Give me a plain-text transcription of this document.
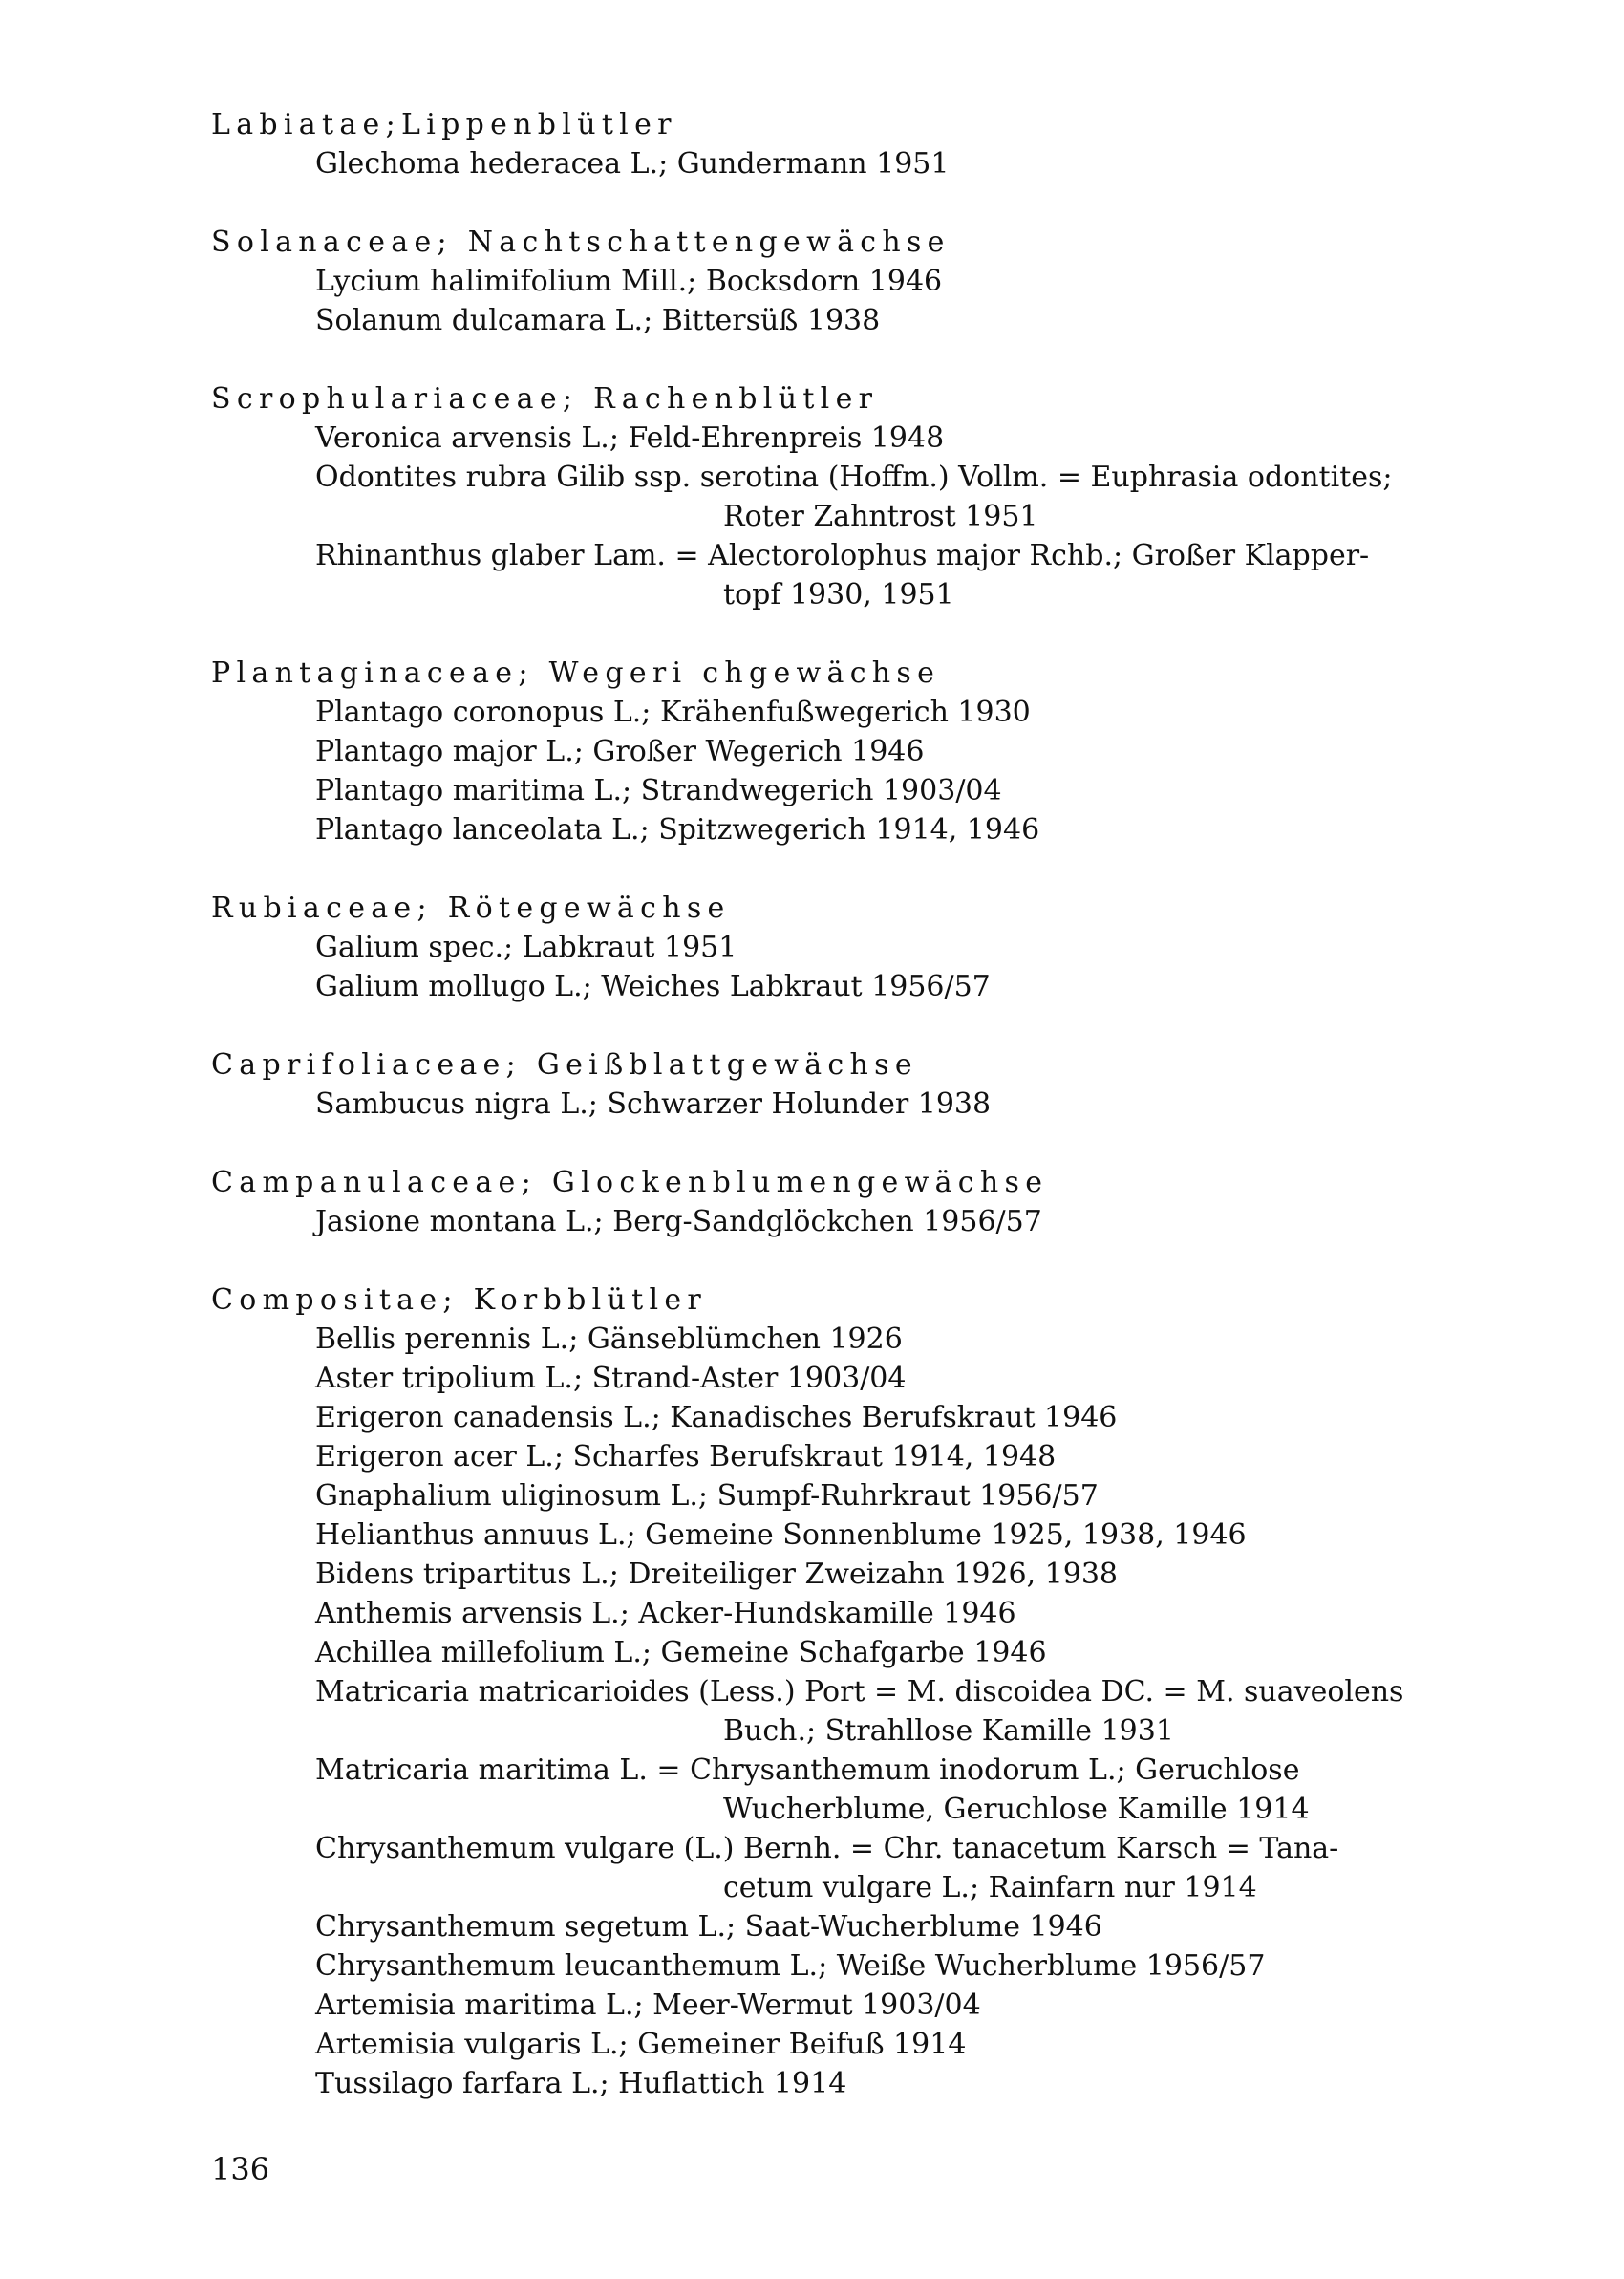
Labiatae;Lippenblütler
Glechoma hederacea L.; Gundermann 1951
Solanaceae; Nachtschattengewächse
Lycium halimifolium Mill.; Bocksdorn 1946
Solanum dulcamara L.; Bittersüß 1938
Scrophulariaceae; Rachenblütler
Veronica arvensis L.; Feld-Ehrenpreis 1948
Odontites rubra Gilib ssp. serotina (Hoffm.) Vollm. = Euphrasia odontites;
Roter Zahntrost 1951
Rhinanthus glaber Lam. = Alectorolophus major Rchb.; Großer Klapper-
topf 1930, 1951
Plantaginaceae; Wegeri chgewächse
Plantago coronopus L.; Krähenfußwegerich 1930
Plantago major L.; Großer Wegerich 1946
Plantago maritima L.; Strandwegerich 1903/04
Plantago lanceolata L.; Spitzwegerich 1914, 1946
Rubiaceae; Rötegewächse
Galium spec.; Labkraut 1951
Galium mollugo L.; Weiches Labkraut 1956/57
Caprifoliaceae; Geißblattgewächse
Sambucus nigra L.; Schwarzer Holunder 1938
Campanulaceae; Glockenblumengewächse
Jasione montana L.; Berg-Sandglöckchen 1956/57
Compositae; Korbblütler
Bellis perennis L.; Gänseblümchen 1926
Aster tripolium L.; Strand-Aster 1903/04
Erigeron canadensis L.; Kanadisches Berufskraut 1946
Erigeron acer L.; Scharfes Berufskraut 1914, 1948
Gnaphalium uliginosum L.; Sumpf-Ruhrkraut 1956/57
Helianthus annuus L.; Gemeine Sonnenblume 1925, 1938, 1946
Bidens tripartitus L.; Dreiteiliger Zweizahn 1926, 1938
Anthemis arvensis L.; Acker-Hundskamille 1946
Achillea millefolium L.; Gemeine Schafgarbe 1946
Matricaria matricarioides (Less.) Port = M. discoidea DC. = M. suaveolens
Buch.; Strahllose Kamille 1931
Matricaria maritima L. = Chrysanthemum inodorum L.; Geruchlose
Wucherblume, Geruchlose Kamille 1914
Chrysanthemum vulgare (L.) Bernh. = Chr. tanacetum Karsch = Tana-
cetum vulgare L.; Rainfarn nur 1914
Chrysanthemum segetum L.; Saat-Wucherblume 1946
Chrysanthemum leucanthemum L.; Weiße Wucherblume 1956/57
Artemisia maritima L.; Meer-Wermut 1903/04
Artemisia vulgaris L.; Gemeiner Beifuß 1914
Tussilago farfara L.; Huflattich 1914
136
